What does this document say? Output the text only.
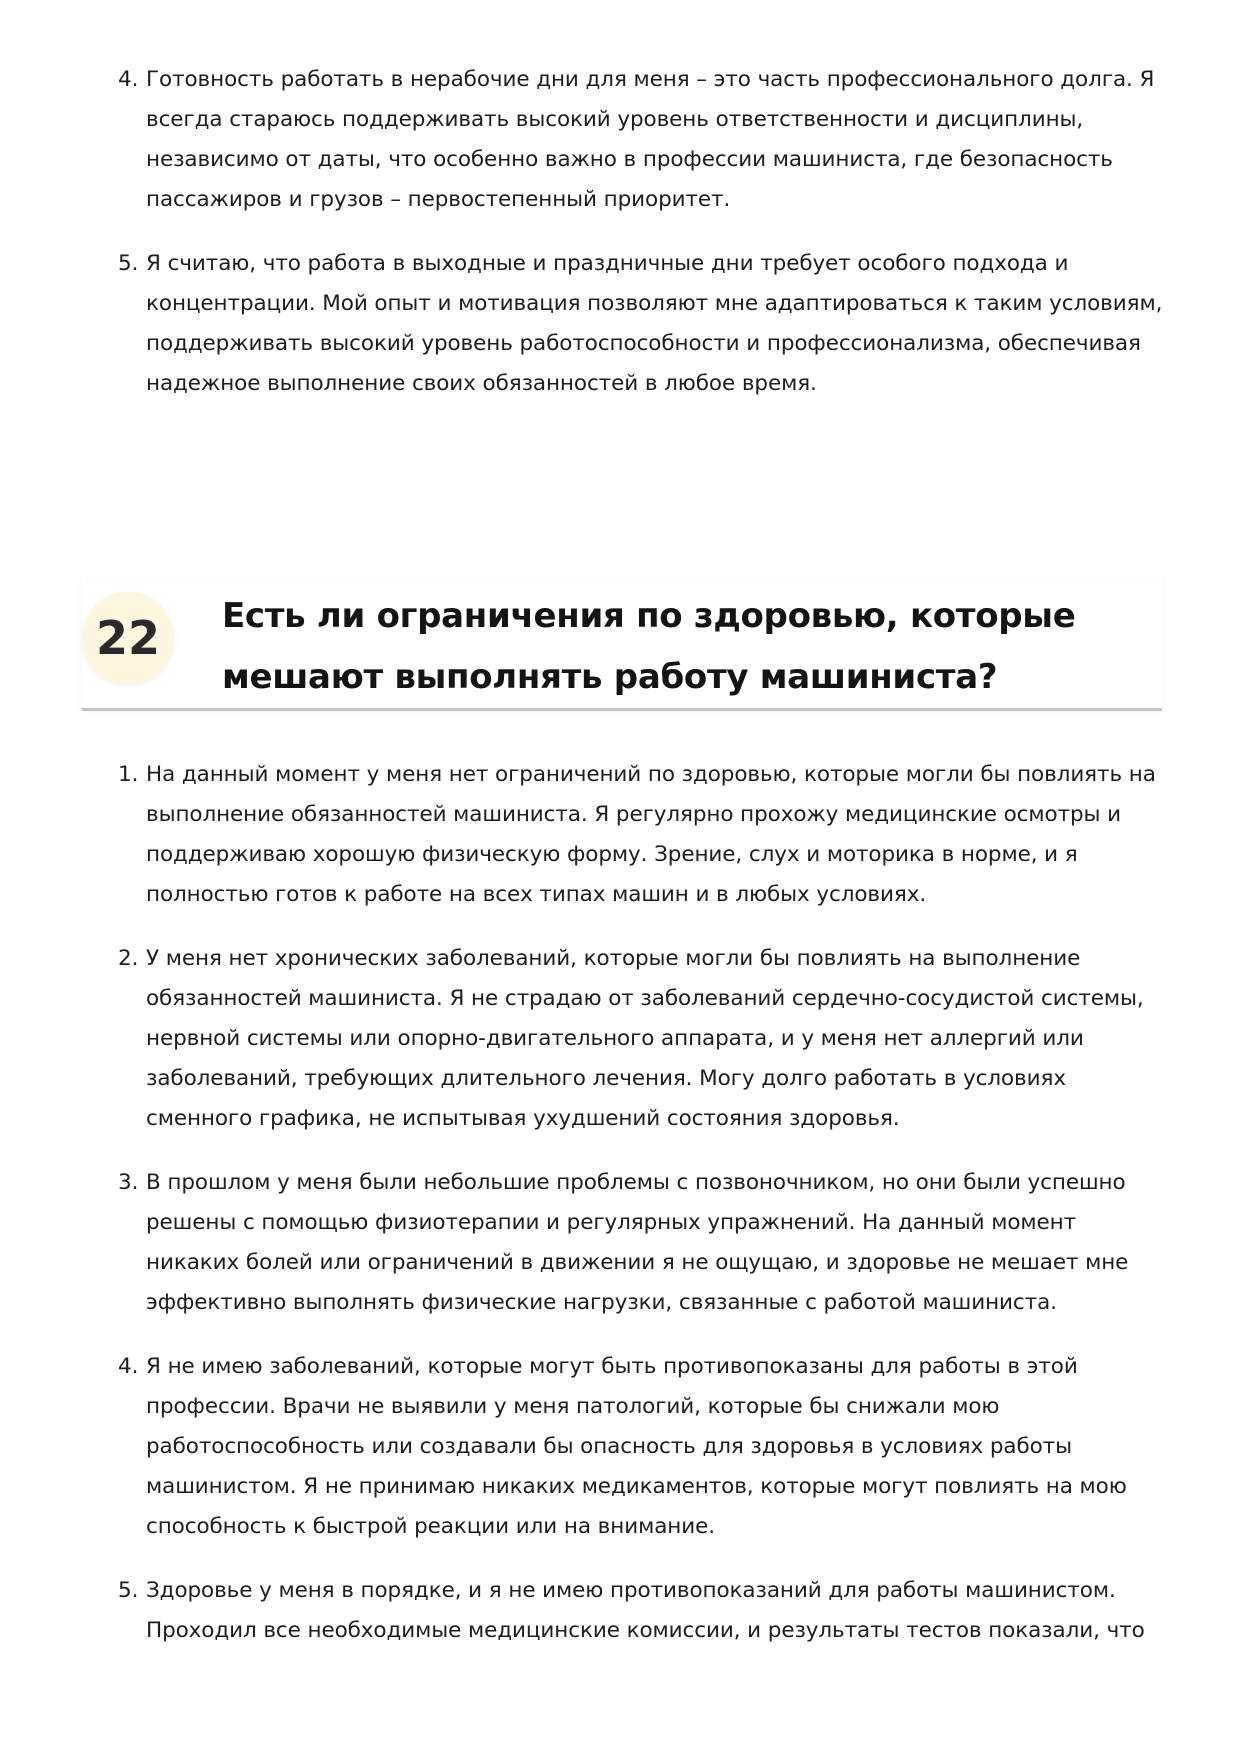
4. Готовность работать в нерабочие дни для меня – это часть профессионального долга. Я всегда стараюсь поддерживать высокий уровень ответственности и дисциплины, независимо от даты, что особенно важно в профессии машиниста, где безопасность пассажиров и грузов – первостепенный приоритет.
5. Я считаю, что работа в выходные и праздничные дни требует особого подхода и концентрации. Мой опыт и мотивация позволяют мне адаптироваться к таким условиям, поддерживать высокий уровень работоспособности и профессионализма, обеспечивая надежное выполнение своих обязанностей в любое время.
22	Есть ли ограничения по здоровью, которые мешают выполнять работу машиниста?
1. На данный момент у меня нет ограничений по здоровью, которые могли бы повлиять на выполнение обязанностей машиниста. Я регулярно прохожу медицинские осмотры и поддерживаю хорошую физическую форму. Зрение, слух и моторика в норме, и я полностью готов к работе на всех типах машин и в любых условиях.
2. У меня нет хронических заболеваний, которые могли бы повлиять на выполнение обязанностей машиниста. Я не страдаю от заболеваний сердечно-сосудистой системы, нервной системы или опорно-двигательного аппарата, и у меня нет аллергий или заболеваний, требующих длительного лечения. Могу долго работать в условиях сменного графика, не испытывая ухудшений состояния здоровья.
3. В прошлом у меня были небольшие проблемы с позвоночником, но они были успешно решены с помощью физиотерапии и регулярных упражнений. На данный момент никаких болей или ограничений в движении я не ощущаю, и здоровье не мешает мне эффективно выполнять физические нагрузки, связанные с работой машиниста.
4. Я не имею заболеваний, которые могут быть противопоказаны для работы в этой профессии. Врачи не выявили у меня патологий, которые бы снижали мою работоспособность или создавали бы опасность для здоровья в условиях работы машинистом. Я не принимаю никаких медикаментов, которые могут повлиять на мою способность к быстрой реакции или на внимание.
5. Здоровье у меня в порядке, и я не имею противопоказаний для работы машинистом. Проходил все необходимые медицинские комиссии, и результаты тестов показали, что
